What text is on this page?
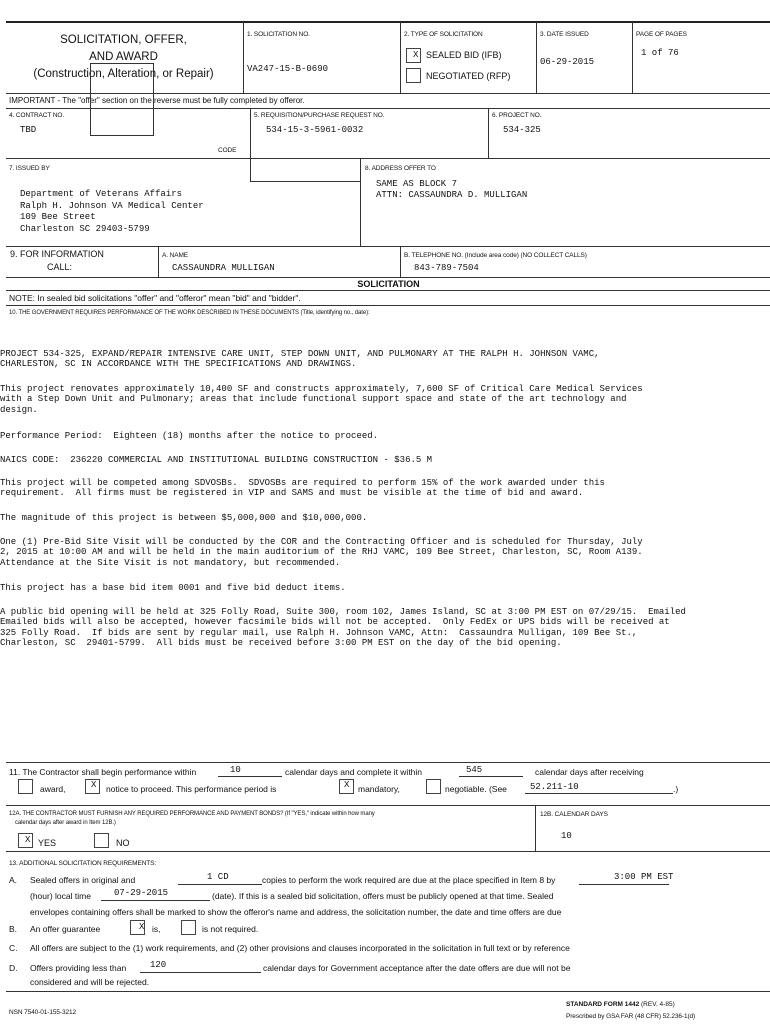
SOLICITATION, OFFER,
AND AWARD
(Construction, Alteration, or Repair)
1. SOLICITATION NO.
VA247-15-B-0690
2. TYPE OF SOLICITATION
X SEALED BID (IFB)
NEGOTIATED (RFP)
3. DATE ISSUED
06-29-2015
PAGE OF PAGES
1 of 76
IMPORTANT - The "offer" section on the reverse must be fully completed by offeror.
4. CONTRACT NO.
TBD
CODE
5. REQUISITION/PURCHASE REQUEST NO.
534-15-3-5961-0032
6. PROJECT NO.
534-325
7. ISSUED BY
Department of Veterans Affairs
Ralph H. Johnson VA Medical Center
109 Bee Street
Charleston SC 29403-5799
8. ADDRESS OFFER TO
SAME AS BLOCK 7
ATTN: CASSAUNDRA D. MULLIGAN
9. FOR INFORMATION
CALL:
A. NAME
CASSAUNDRA MULLIGAN
B. TELEPHONE NO. (Include area code) (NO COLLECT CALLS)
843-789-7504
SOLICITATION
NOTE: In sealed bid solicitations "offer" and "offeror" mean "bid" and "bidder".
10. THE GOVERNMENT REQUIRES PERFORMANCE OF THE WORK DESCRIBED IN THESE DOCUMENTS (Title, identifying no., date):
PROJECT 534-325, EXPAND/REPAIR INTENSIVE CARE UNIT, STEP DOWN UNIT, AND PULMONARY AT THE RALPH H. JOHNSON VAMC,
CHARLESTON, SC IN ACCORDANCE WITH THE SPECIFICATIONS AND DRAWINGS.
This project renovates approximately 10,400 SF and constructs approximately, 7,600 SF of Critical Care Medical Services
with a Step Down Unit and Pulmonary; areas that include functional support space and state of the art technology and
design.
Performance Period:  Eighteen (18) months after the notice to proceed.
NAICS CODE:  236220 COMMERCIAL AND INSTITUTIONAL BUILDING CONSTRUCTION - $36.5 M
This project will be competed among SDVOSBs.  SDVOSBs are required to perform 15% of the work awarded under this
requirement.  All firms must be registered in VIP and SAMS and must be visible at the time of bid and award.
The magnitude of this project is between $5,000,000 and $10,000,000.
One (1) Pre-Bid Site Visit will be conducted by the COR and the Contracting Officer and is scheduled for Thursday, July
2, 2015 at 10:00 AM and will be held in the main auditorium of the RHJ VAMC, 109 Bee Street, Charleston, SC, Room A139.
Attendance at the Site Visit is not mandatory, but recommended.
This project has a base bid item 0001 and five bid deduct items.
A public bid opening will be held at 325 Folly Road, Suite 300, room 102, James Island, SC at 3:00 PM EST on 07/29/15.  Emailed
Emailed bids will also be accepted, however facsimile bids will not be accepted.  Only FedEx or UPS bids will be received at
325 Folly Road.  If bids are sent by regular mail, use Ralph H. Johnson VAMC, Attn:  Cassaundra Mulligan, 109 Bee St.,
Charleston, SC  29401-5799.  All bids must be received before 3:00 PM EST on the day of the bid opening.
11. The Contractor shall begin performance within	10	calendar days and complete it within	545	calendar days after receiving
award,	X notice to proceed. This performance period is	X mandatory,	negotiable. (See	52.211-10	.)
12A. THE CONTRACTOR MUST FURNISH ANY REQUIRED PERFORMANCE AND PAYMENT BONDS? (If "YES," indicate within how many
calendar days after award in Item 12B.)
X YES	NO
12B. CALENDAR DAYS
10
13. ADDITIONAL SOLICITATION REQUIREMENTS:
A. Sealed offers in original and	1 CD	copies to perform the work required are due at the place specified in Item 8 by	3:00 PM EST
(hour) local time	07-29-2015	(date). If this is a sealed bid solicitation, offers must be publicly opened at that time. Sealed
envelopes containing offers shall be marked to show the offeror's name and address, the solicitation number, the date and time offers are due
B. An offer guarantee	X is,	is not required.
C. All offers are subject to the (1) work requirements, and (2) other provisions and clauses incorporated in the solicitation in full text or by reference
D. Offers providing less than	120	calendar days for Government acceptance after the date offers are due will not be
considered and will be rejected.
NSN 7540-01-155-3212
STANDARD FORM 1442 (REV. 4-85)
Prescribed by GSA FAR (48 CFR) 52.236-1(d)
